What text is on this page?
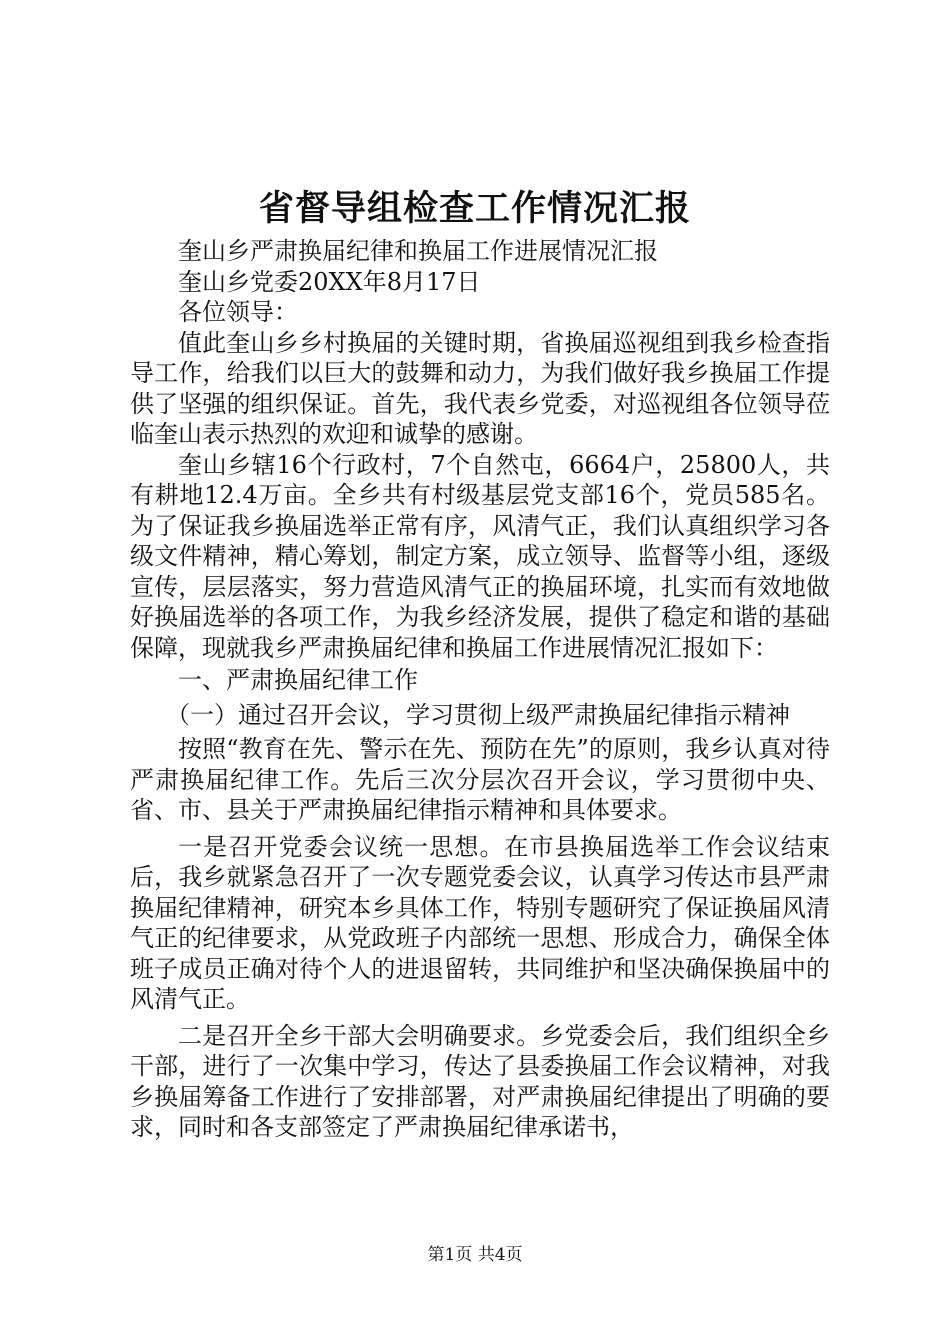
省督导组检查工作情况汇报

奎山乡严肃换届纪律和换届工作进展情况汇报

奎山乡党委20XX年8月17日

各位领导：

值此奎山乡乡村换届的关键时期，省换届巡视组到我乡检查指导工作，给我们以巨大的鼓舞和动力，为我们做好我乡换届工作提供了坚强的组织保证。首先，我代表乡党委，对巡视组各位领导莅临奎山表示热烈的欢迎和诚挚的感谢。

奎山乡辖16个行政村，7个自然屯，6664户，25800人，共有耕地12.4万亩。全乡共有村级基层党支部16个，党员585名。为了保证我乡换届选举正常有序，风清气正，我们认真组织学习各级文件精神，精心筹划，制定方案，成立领导、监督等小组，逐级宣传，层层落实，努力营造风清气正的换届环境，扎实而有效地做好换届选举的各项工作，为我乡经济发展，提供了稳定和谐的基础保障，现就我乡严肃换届纪律和换届工作进展情况汇报如下：

一、严肃换届纪律工作

（一）通过召开会议，学习贯彻上级严肃换届纪律指示精神

按照“教育在先、警示在先、预防在先”的原则，我乡认真对待严肃换届纪律工作。先后三次分层次召开会议，学习贯彻中央、省、市、县关于严肃换届纪律指示精神和具体要求。

一是召开党委会议统一思想。在市县换届选举工作会议结束后，我乡就紧急召开了一次专题党委会议，认真学习传达市县严肃换届纪律精神，研究本乡具体工作，特别专题研究了保证换届风清气正的纪律要求，从党政班子内部统一思想、形成合力，确保全体班子成员正确对待个人的进退留转，共同维护和坚决确保换届中的风清气正。

二是召开全乡干部大会明确要求。乡党委会后，我们组织全乡干部，进行了一次集中学习，传达了县委换届工作会议精神，对我乡换届筹备工作进行了安排部署，对严肃换届纪律提出了明确的要求，同时和各支部签定了严肃换届纪律承诺书，

第1页 共4页
